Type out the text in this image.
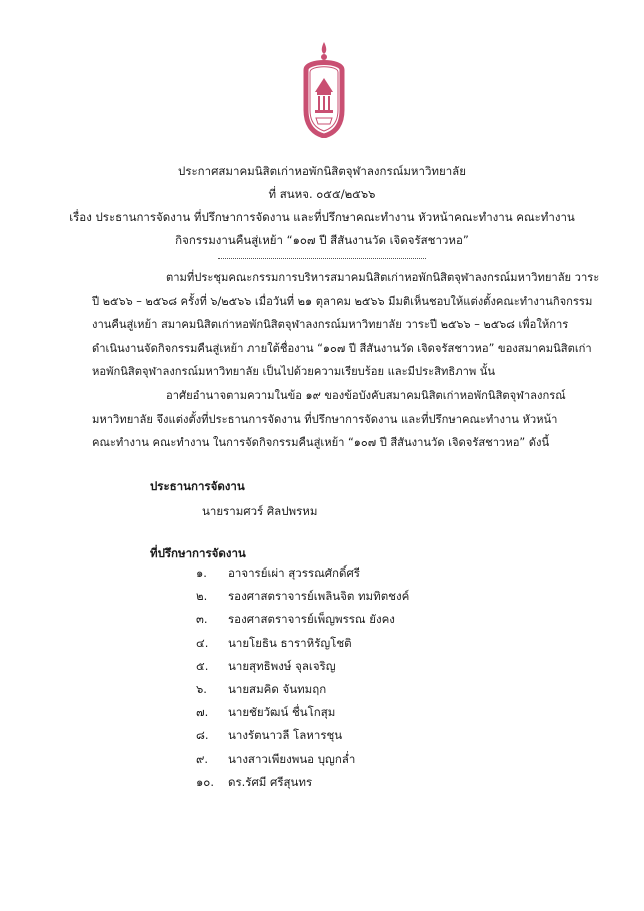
ประกาศสมาคมนิสิตเก่าหอพักนิสิตจุฬาลงกรณ์มหาวิทยาลัย
ที่ สนหจ. ๐๕๕/๒๕๖๖
เรื่อง ประธานการจัดงาน ที่ปรึกษาการจัดงาน และที่ปรึกษาคณะทำงาน หัวหน้าคณะทำงาน คณะทำงาน
กิจกรรมงานคืนสู่เหย้า “๑๐๗ ปี สีสันงานวัด เจิดจรัสชาวหอ”
ตามที่ประชุมคณะกรรมการบริหารสมาคมนิสิตเก่าหอพักนิสิตจุฬาลงกรณ์มหาวิทยาลัย วาระ
ปี ๒๕๖๖ – ๒๕๖๘ ครั้งที่ ๖/๒๕๖๖ เมื่อวันที่ ๒๑ ตุลาคม ๒๕๖๖ มีมติเห็นชอบให้แต่งตั้งคณะทำงานกิจกรรม
งานคืนสู่เหย้า สมาคมนิสิตเก่าหอพักนิสิตจุฬาลงกรณ์มหาวิทยาลัย วาระปี ๒๕๖๖ – ๒๕๖๘ เพื่อให้การ
ดำเนินงานจัดกิจกรรมคืนสู่เหย้า ภายใต้ชื่องาน “๑๐๗ ปี สีสันงานวัด เจิดจรัสชาวหอ” ของสมาคมนิสิตเก่า
หอพักนิสิตจุฬาลงกรณ์มหาวิทยาลัย เป็นไปด้วยความเรียบร้อย และมีประสิทธิภาพ นั้น
อาศัยอำนาจตามความในข้อ ๑๙ ของข้อบังคับสมาคมนิสิตเก่าหอพักนิสิตจุฬาลงกรณ์
มหาวิทยาลัย จึงแต่งตั้งที่ประธานการจัดงาน ที่ปรึกษาการจัดงาน และที่ปรึกษาคณะทำงาน หัวหน้า
คณะทำงาน คณะทำงาน ในการจัดกิจกรรมคืนสู่เหย้า “๑๐๗ ปี สีสันงานวัด เจิดจรัสชาวหอ” ดังนี้
ประธานการจัดงาน
นายรามศวร์ ศิลปพรหม
ที่ปรึกษาการจัดงาน
๑. อาจารย์เผ่า สุวรรณศักดิ์ศรี
๒. รองศาสตราจารย์เพลินจิต ทมทิตชงค์
๓. รองศาสตราจารย์เพ็ญพรรณ ยังคง
๔. นายโยธิน ธาราหิรัญโชติ
๕. นายสุทธิพงษ์ จุลเจริญ
๖. นายสมคิด จันทมฤก
๗. นายชัยวัฒน์ ชื่นโกสุม
๘. นางรัตนาวลี โลหารชุน
๙. นางสาวเพียงพนอ บุญกล่ำ
๑๐. ดร.รัศมี ศรีสุนทร
